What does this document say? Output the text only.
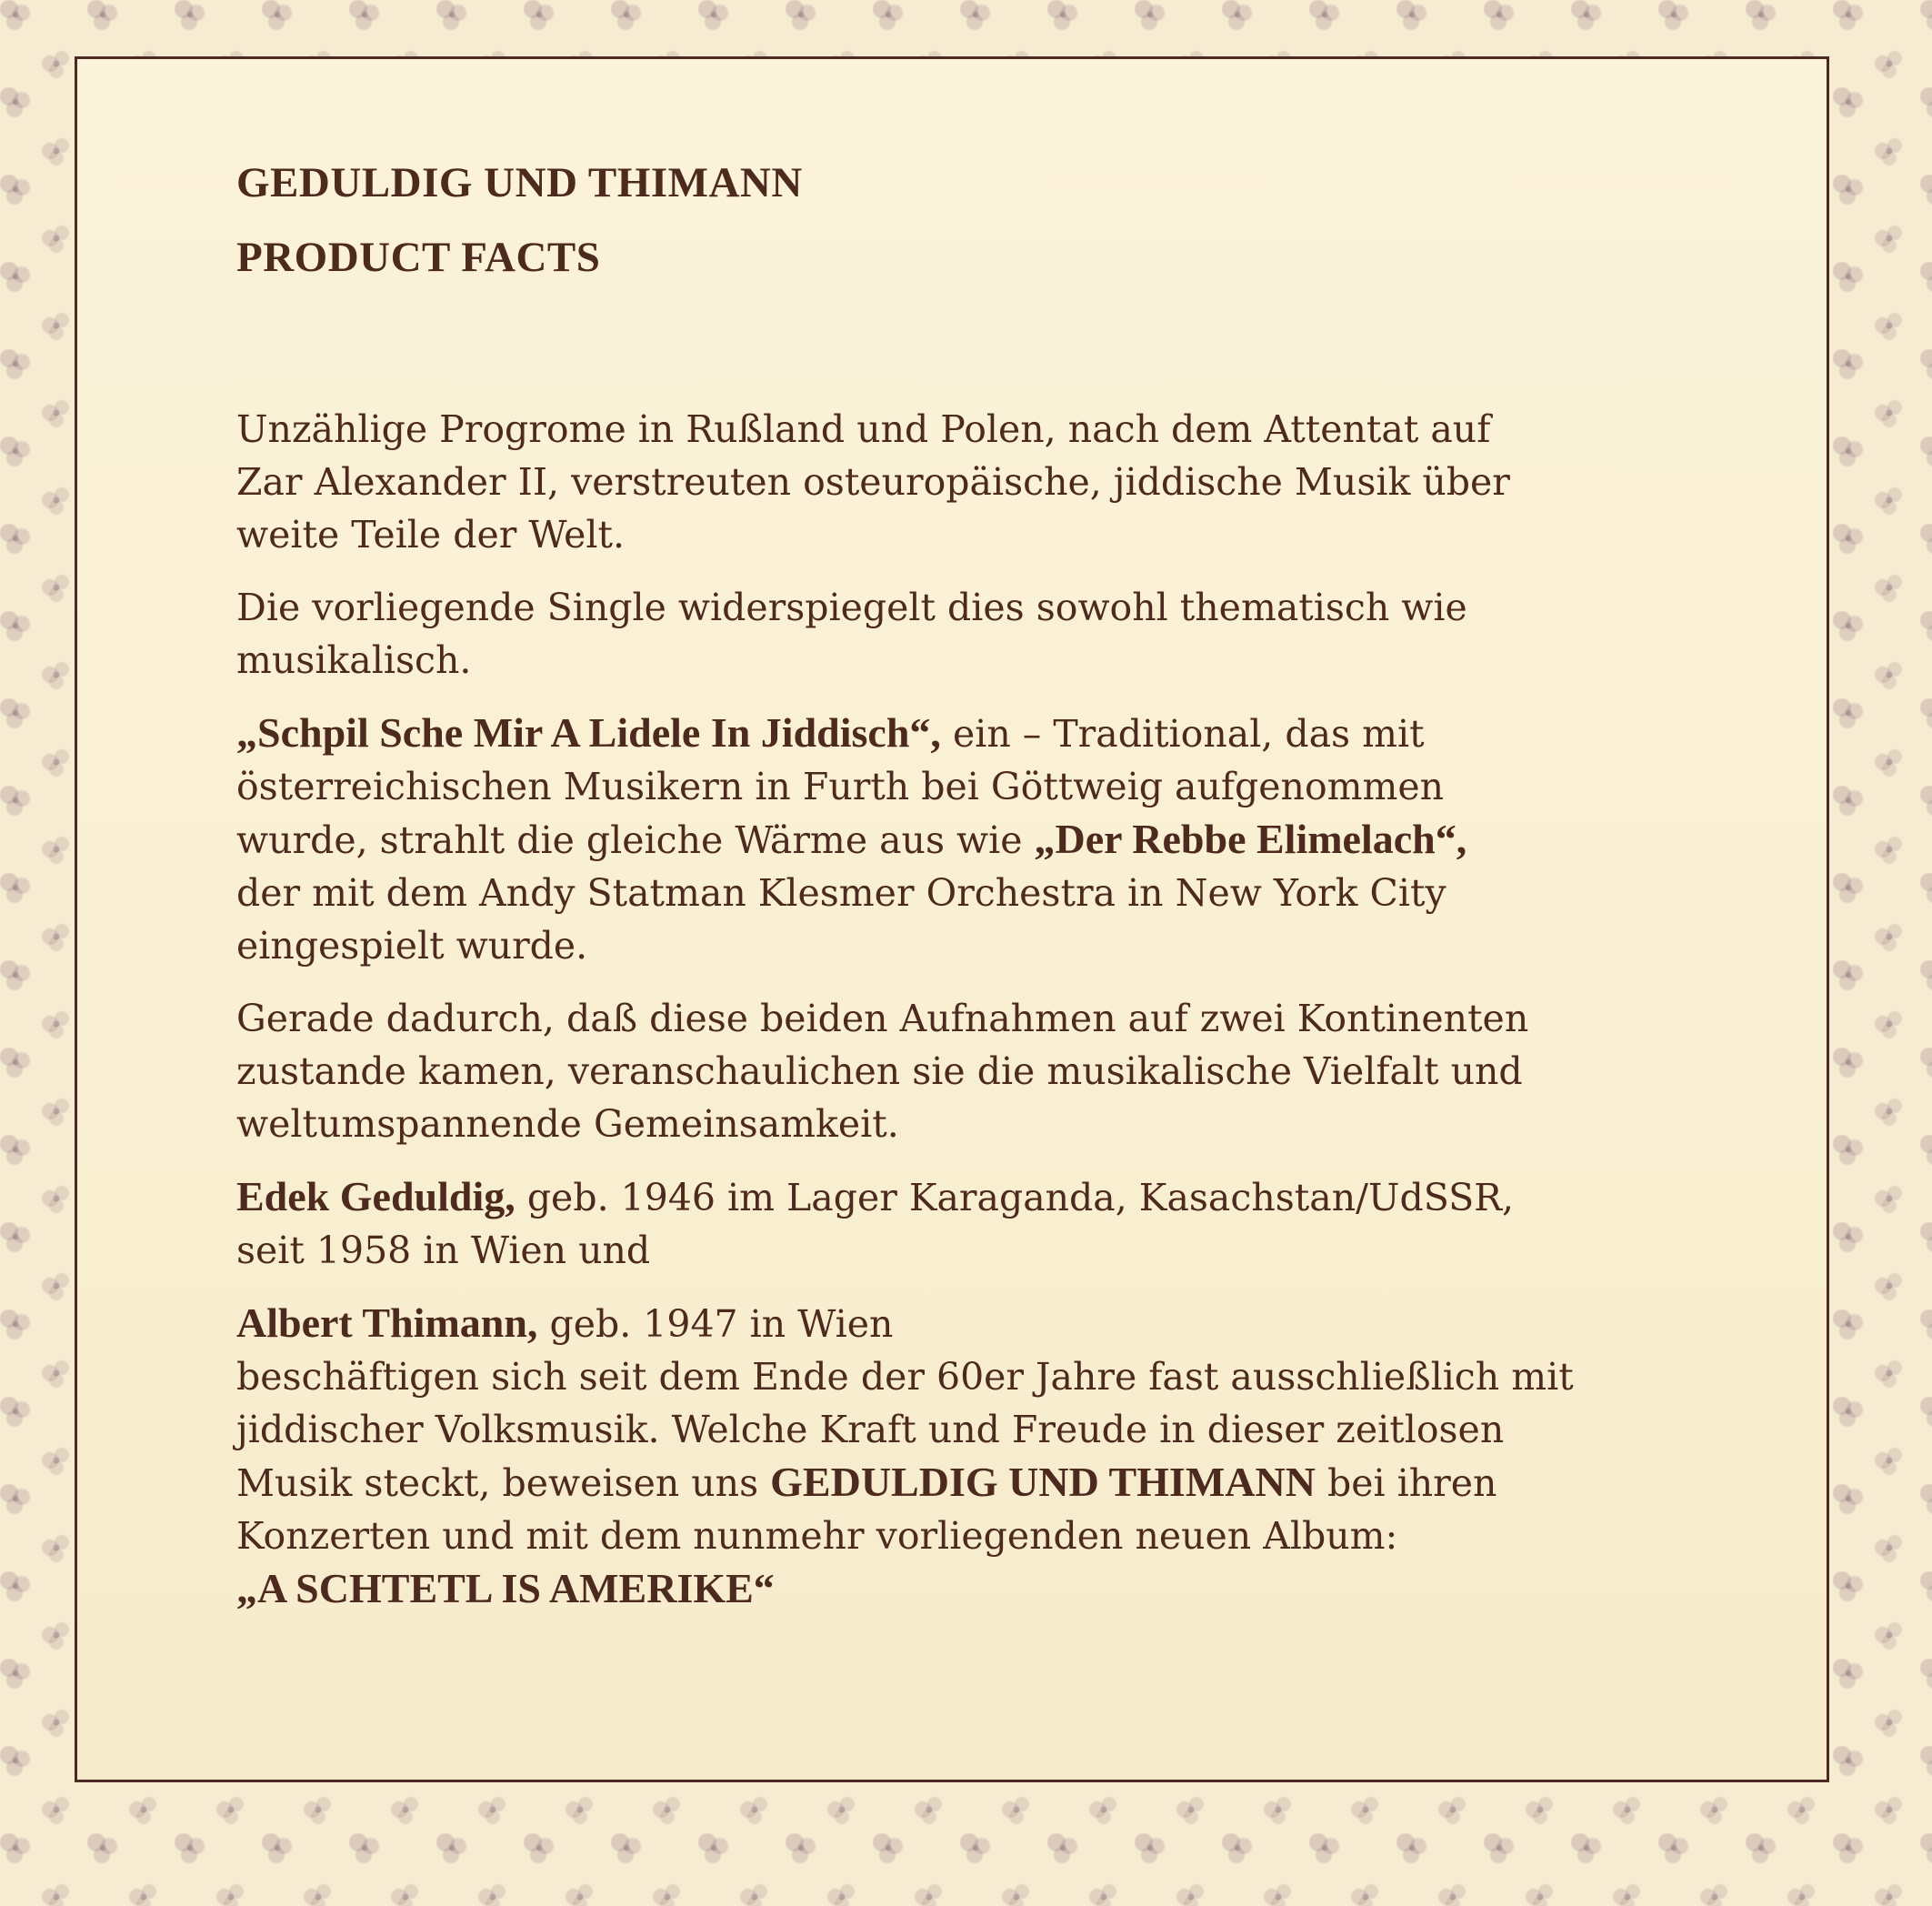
GEDULDIG UND THIMANN
PRODUCT FACTS

Unzählige Progrome in Rußland und Polen, nach dem Attentat auf
Zar Alexander II, verstreuten osteuropäische, jiddische Musik über
weite Teile der Welt.

Die vorliegende Single widerspiegelt dies sowohl thematisch wie
musikalisch.

„Schpil Sche Mir A Lidele In Jiddisch“, ein – Traditional, das mit
österreichischen Musikern in Furth bei Göttweig aufgenommen
wurde, strahlt die gleiche Wärme aus wie „Der Rebbe Elimelach“,
der mit dem Andy Statman Klesmer Orchestra in New York City
eingespielt wurde.

Gerade dadurch, daß diese beiden Aufnahmen auf zwei Kontinenten
zustande kamen, veranschaulichen sie die musikalische Vielfalt und
weltumspannende Gemeinsamkeit.

Edek Geduldig, geb. 1946 im Lager Karaganda, Kasachstan/UdSSR,
seit 1958 in Wien und

Albert Thimann, geb. 1947 in Wien
beschäftigen sich seit dem Ende der 60er Jahre fast ausschließlich mit
jiddischer Volksmusik. Welche Kraft und Freude in dieser zeitlosen
Musik steckt, beweisen uns GEDULDIG UND THIMANN bei ihren
Konzerten und mit dem nunmehr vorliegenden neuen Album:
„A SCHTETL IS AMERIKE“
